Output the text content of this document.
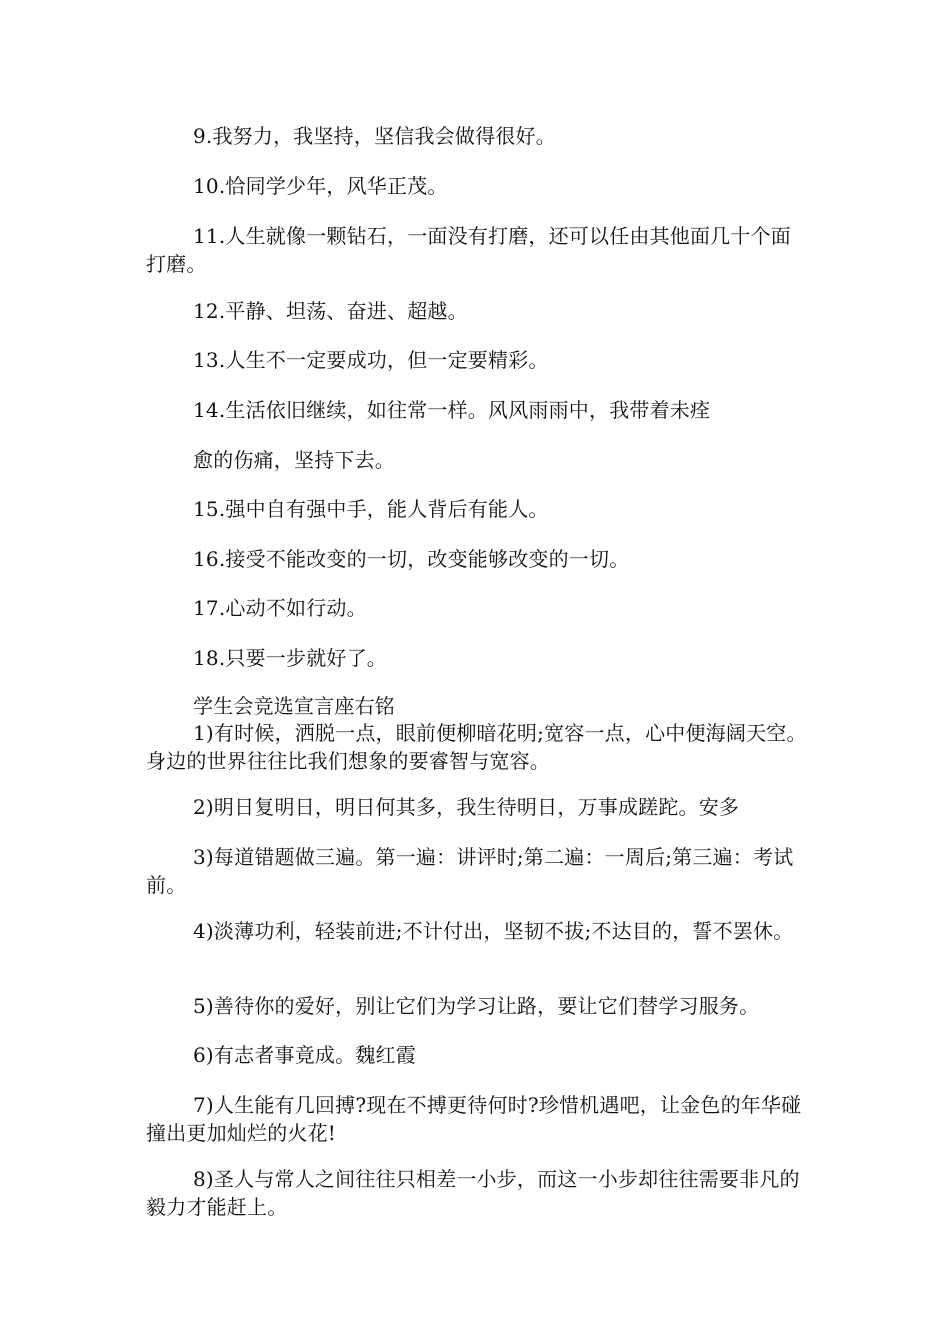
9.我努力，我坚持，坚信我会做得很好。
10.恰同学少年，风华正茂。
11.人生就像一颗钻石，一面没有打磨，还可以任由其他面几十个面打磨。
12.平静、坦荡、奋进、超越。
13.人生不一定要成功，但一定要精彩。
14.生活依旧继续，如往常一样。风风雨雨中，我带着未痊
愈的伤痛，坚持下去。
15.强中自有强中手，能人背后有能人。
16.接受不能改变的一切，改变能够改变的一切。
17.心动不如行动。
18.只要一步就好了。
学生会竞选宣言座右铭
1)有时候，洒脱一点，眼前便柳暗花明;宽容一点，心中便海阔天空。身边的世界往往比我们想象的要睿智与宽容。
2)明日复明日，明日何其多，我生待明日，万事成蹉跎。安多
3)每道错题做三遍。第一遍：讲评时;第二遍：一周后;第三遍：考试前。
4)淡薄功利，轻装前进;不计付出，坚韧不拔;不达目的，誓不罢休。
5)善待你的爱好，别让它们为学习让路，要让它们替学习服务。
6)有志者事竟成。魏红霞
7)人生能有几回搏?现在不搏更待何时?珍惜机遇吧，让金色的年华碰撞出更加灿烂的火花!
8)圣人与常人之间往往只相差一小步，而这一小步却往往需要非凡的毅力才能赶上。
